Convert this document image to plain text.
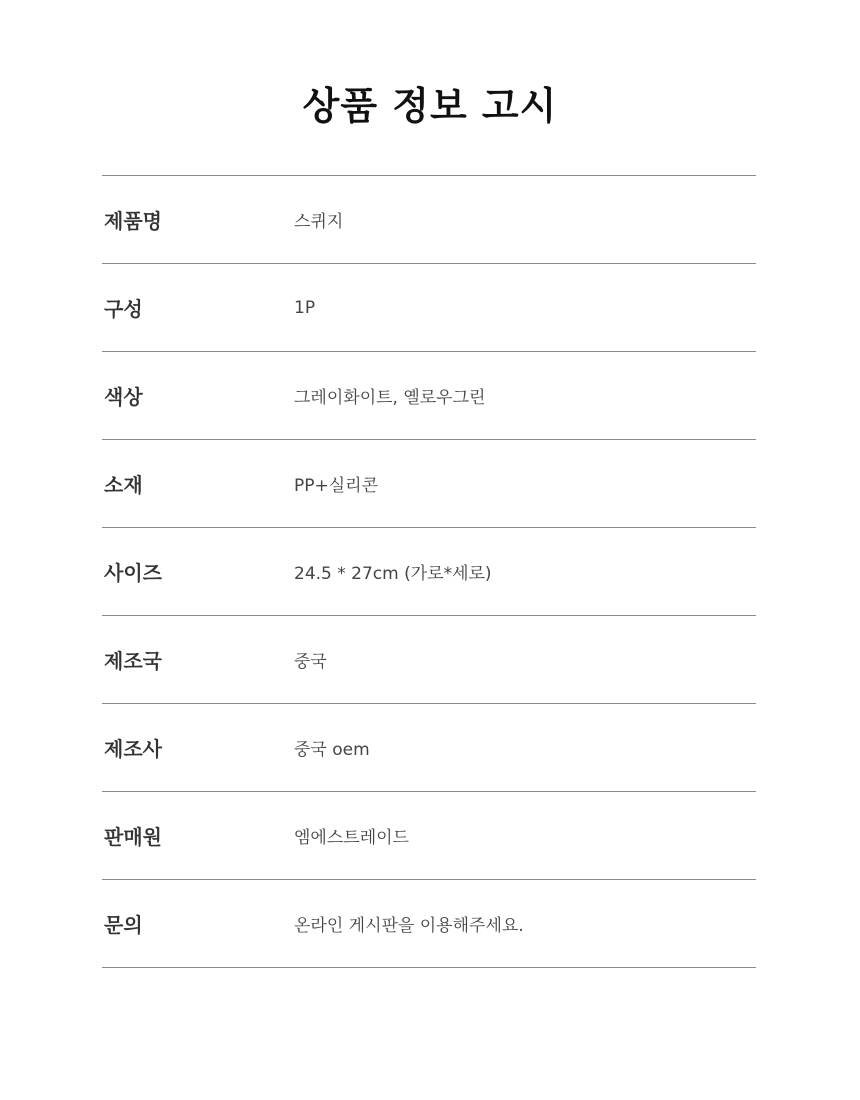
상품 정보 고시
제품명	스퀴지
구성	1P
색상	그레이화이트, 옐로우그린
소재	PP+실리콘
사이즈	24.5 * 27cm (가로*세로)
제조국	중국
제조사	중국 oem
판매원	엠에스트레이드
문의	온라인 게시판을 이용해주세요.
